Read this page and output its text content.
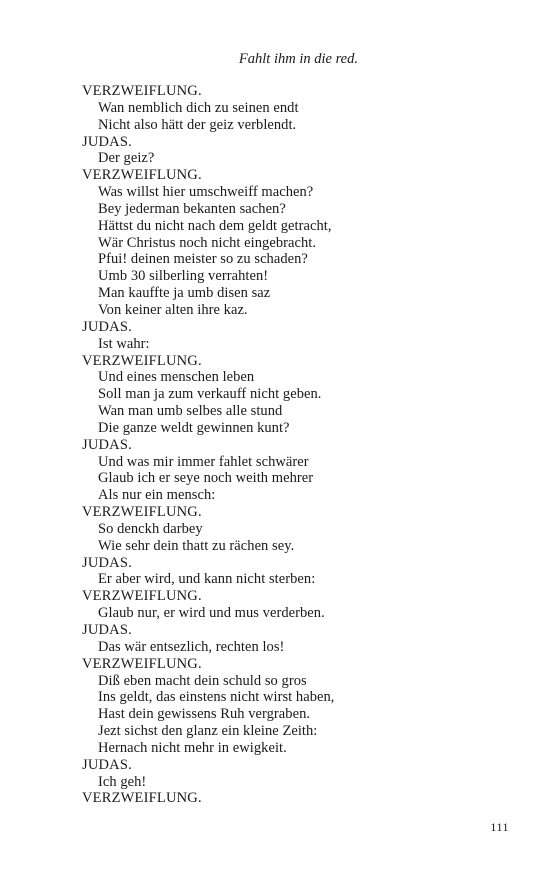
Fahlt ihm in die red.
VERZWEIFLUNG.
Wan nemblich dich zu seinen endt
Nicht also hätt der geiz verblendt.
JUDAS.
Der geiz?
VERZWEIFLUNG.
Was willst hier umschweiff machen?
Bey jederman bekanten sachen?
Hättst du nicht nach dem geldt getracht,
Wär Christus noch nicht eingebracht.
Pfui! deinen meister so zu schaden?
Umb 30 silberling verrahten!
Man kauffte ja umb disen saz
Von keiner alten ihre kaz.
JUDAS.
Ist wahr:
VERZWEIFLUNG.
Und eines menschen leben
Soll man ja zum verkauff nicht geben.
Wan man umb selbes alle stund
Die ganze weldt gewinnen kunt?
JUDAS.
Und was mir immer fahlet schwärer
Glaub ich er seye noch weith mehrer
Als nur ein mensch:
VERZWEIFLUNG.
So denckh darbey
Wie sehr dein thatt zu rächen sey.
JUDAS.
Er aber wird, und kann nicht sterben:
VERZWEIFLUNG.
Glaub nur, er wird und mus verderben.
JUDAS.
Das wär entsezlich, rechten los!
VERZWEIFLUNG.
Diß eben macht dein schuld so gros
Ins geldt, das einstens nicht wirst haben,
Hast dein gewissens Ruh vergraben.
Jezt sichst den glanz ein kleine Zeith:
Hernach nicht mehr in ewigkeit.
JUDAS.
Ich geh!
VERZWEIFLUNG.
111
